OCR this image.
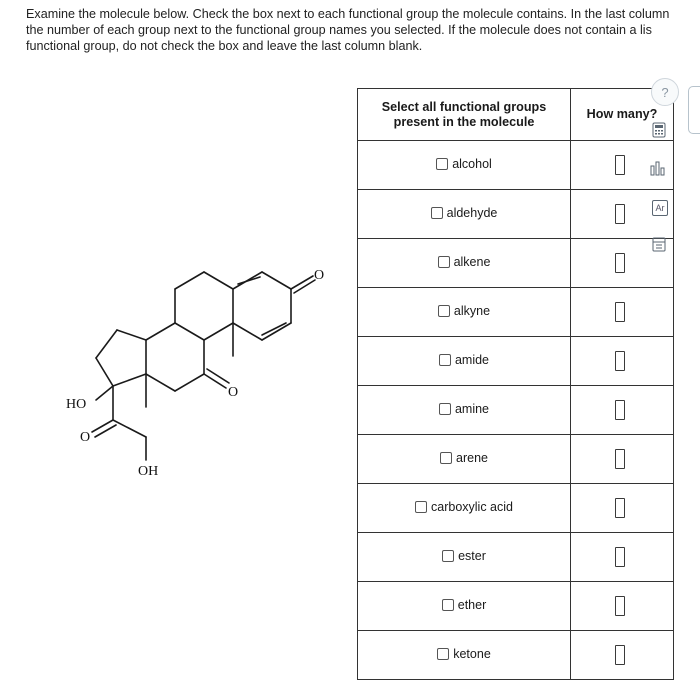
Examine the molecule below. Check the box next to each functional group the molecule contains. In the last column
the number of each group next to the functional group names you selected. If the molecule does not contain a lis
functional group, do not check the box and leave the last column blank.
O
O
HO
O
OH
Select all functional groups
present in the molecule	How many?

alcohol	

aldehyde	

alkene	

alkyne	

amide	

amine	

arene	

carboxylic acid	

ester	

ether	

ketone	

?
Ar
